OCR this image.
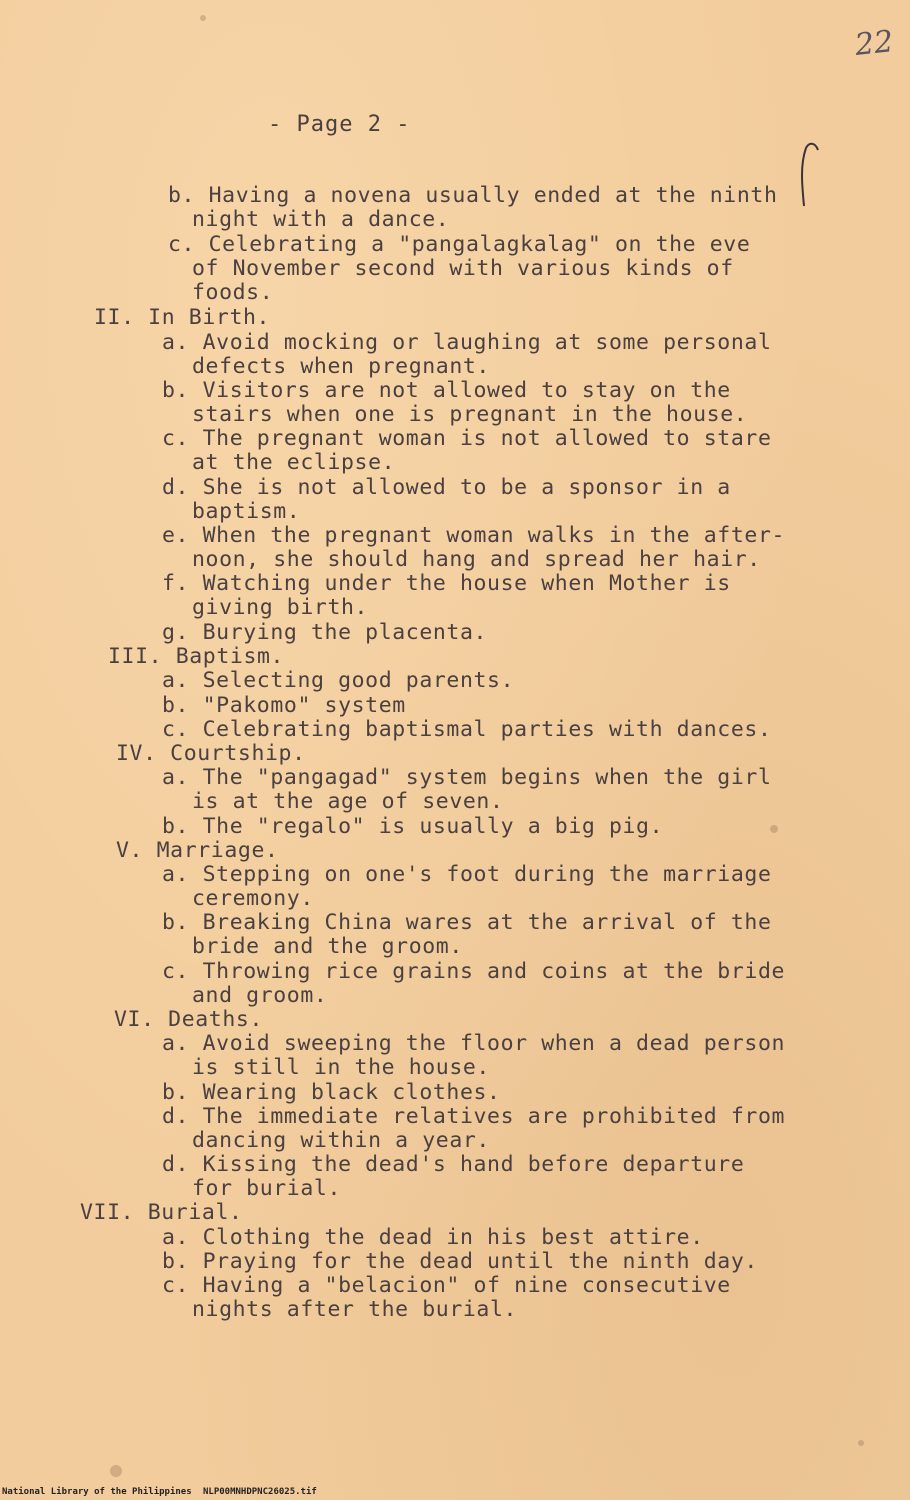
22
- Page 2 -
b. Having a novena usually ended at the ninth
night with a dance.
c. Celebrating a "pangalagkalag" on the eve
of November second with various kinds of
foods.
II. In Birth.
a. Avoid mocking or laughing at some personal
defects when pregnant.
b. Visitors are not allowed to stay on the
stairs when one is pregnant in the house.
c. The pregnant woman is not allowed to stare
at the eclipse.
d. She is not allowed to be a sponsor in a
baptism.
e. When the pregnant woman walks in the after-
noon, she should hang and spread her hair.
f. Watching under the house when Mother is
giving birth.
g. Burying the placenta.
III. Baptism.
a. Selecting good parents.
b. "Pakomo" system
c. Celebrating baptismal parties with dances.
IV. Courtship.
a. The "pangagad" system begins when the girl
is at the age of seven.
b. The "regalo" is usually a big pig.
V. Marriage.
a. Stepping on one's foot during the marriage
ceremony.
b. Breaking China wares at the arrival of the
bride and the groom.
c. Throwing rice grains and coins at the bride
and groom.
VI. Deaths.
a. Avoid sweeping the floor when a dead person
is still in the house.
b. Wearing black clothes.
d. The immediate relatives are prohibited from
dancing within a year.
d. Kissing the dead's hand before departure
for burial.
VII. Burial.
a. Clothing the dead in his best attire.
b. Praying for the dead until the ninth day.
c. Having a "belacion" of nine consecutive
nights after the burial.
National Library of the Philippines NLP00MNHDPNC26025.tif
